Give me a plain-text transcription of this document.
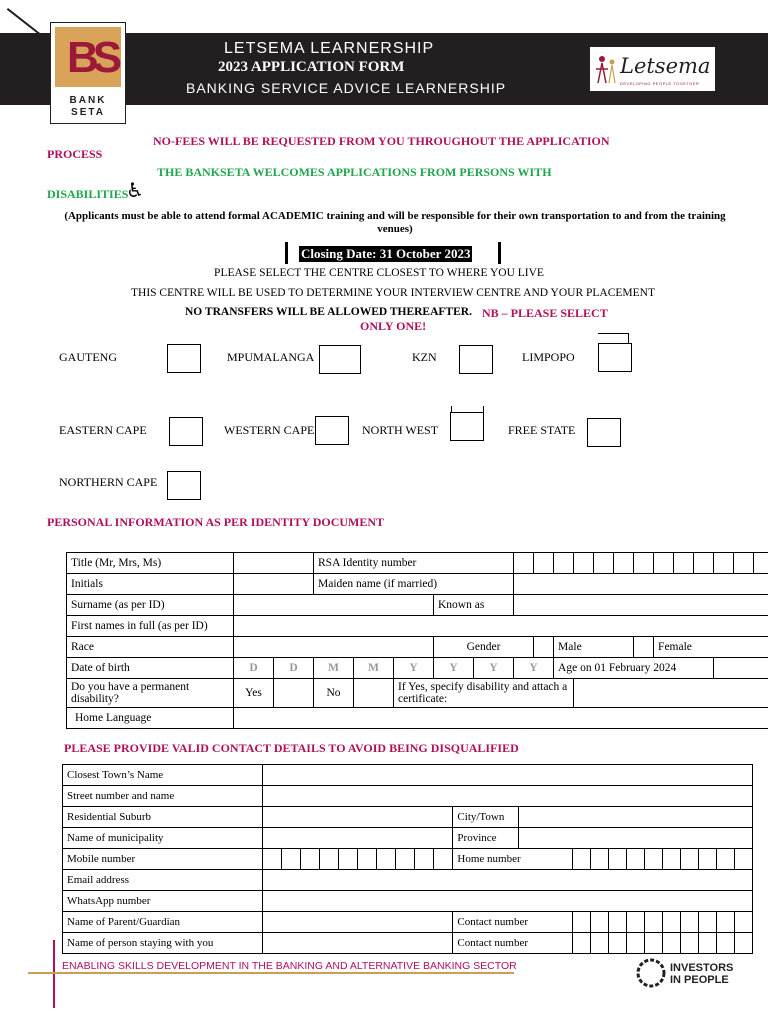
BS
BANK
SETA
LETSEMA LEARNERSHIP
2023 APPLICATION FORM
BANKING SERVICE ADVICE LEARNERSHIP
Letsema
DEVELOPING PEOPLE TOGETHER
NO-FEES WILL BE REQUESTED FROM YOU THROUGHOUT THE APPLICATION
PROCESS
THE BANKSETA WELCOMES APPLICATIONS FROM PERSONS WITH
DISABILITIES
♿
(Applicants must be able to attend formal ACADEMIC training and will be responsible for their own transportation to and from the training venues)
Closing Date: 31 October 2023
PLEASE SELECT THE CENTRE CLOSEST TO WHERE YOU LIVE
THIS CENTRE WILL BE USED TO DETERMINE YOUR INTERVIEW CENTRE AND YOUR PLACEMENT
NO TRANSFERS WILL BE ALLOWED THEREAFTER. NB – PLEASE SELECT
ONLY ONE!
GAUTENG	MPUMALANGA	KZN	LIMPOPO
EASTERN CAPE	WESTERN CAPE	NORTH WEST	FREE STATE
NORTHERN CAPE
PERSONAL INFORMATION AS PER IDENTITY DOCUMENT
Title (Mr, Mrs, Ms)			RSA Identity number																		
Initials			Maiden name (if married)																		
Surname (as per ID)						Known as															
First names in full (as per ID)																					
Race						Gender				Male					Female						
Date of birth	D	D	M	M	Y	Y	Y	Y		Age on 01 February 2024											
Do you have a permanent disability?	Yes		No		If Yes, specify disability and attach a certificate:																
Home Language																					
PLEASE PROVIDE VALID CONTACT DETAILS TO AVOID BEING DISQUALIFIED
Closest Town’s Name																						
Street number and name																						
Residential Suburb											City/Town											
Name of municipality											Province											
Mobile number											Home number											
Email address																						
WhatsApp number																						
Name of Parent/Guardian											Contact number											
Name of person staying with you											Contact number											
ENABLING SKILLS DEVELOPMENT IN THE BANKING AND ALTERNATIVE BANKING SECTOR	INVESTORS
IN PEOPLE
